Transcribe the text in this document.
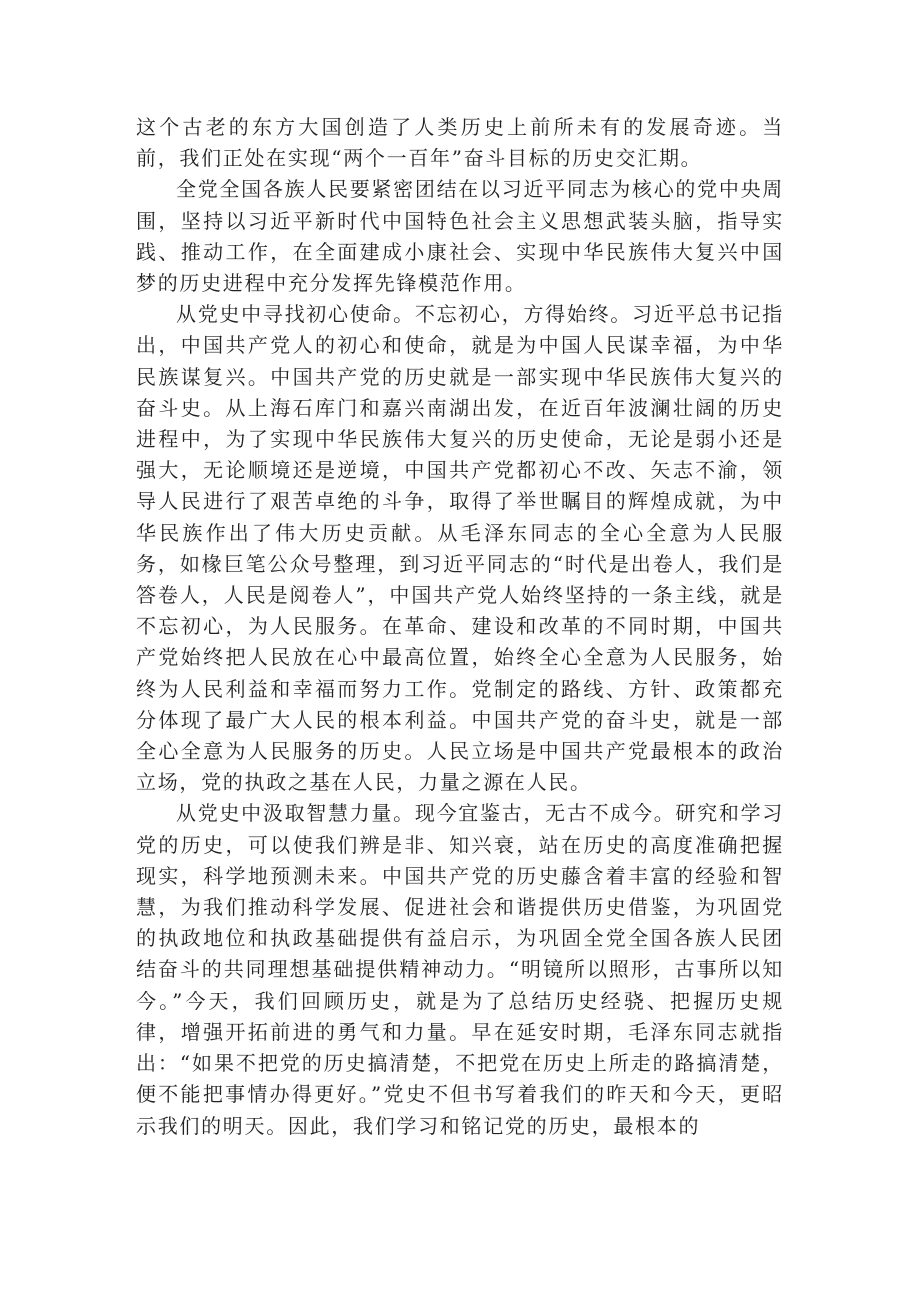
这个古老的东方大国创造了人类历史上前所未有的发展奇迹。当前，我们正处在实现“两个一百年”奋斗目标的历史交汇期。

全党全国各族人民要紧密团结在以习近平同志为核心的党中央周围，坚持以习近平新时代中国特色社会主义思想武装头脑，指导实践、推动工作，在全面建成小康社会、实现中华民族伟大复兴中国梦的历史进程中充分发挥先锋模范作用。

从党史中寻找初心使命。不忘初心，方得始终。习近平总书记指出，中国共产党人的初心和使命，就是为中国人民谋幸福，为中华民族谋复兴。中国共产党的历史就是一部实现中华民族伟大复兴的奋斗史。从上海石库门和嘉兴南湖出发，在近百年波澜壮阔的历史进程中，为了实现中华民族伟大复兴的历史使命，无论是弱小还是强大，无论顺境还是逆境，中国共产党都初心不改、矢志不渝，领导人民进行了艰苦卓绝的斗争，取得了举世瞩目的辉煌成就，为中华民族作出了伟大历史贡献。从毛泽东同志的全心全意为人民服务，如椽巨笔公众号整理，到习近平同志的“时代是出卷人，我们是答卷人，人民是阅卷人”，中国共产党人始终坚持的一条主线，就是不忘初心，为人民服务。在革命、建设和改革的不同时期，中国共产党始终把人民放在心中最高位置，始终全心全意为人民服务，始终为人民利益和幸福而努力工作。党制定的路线、方针、政策都充分体现了最广大人民的根本利益。中国共产党的奋斗史，就是一部全心全意为人民服务的历史。人民立场是中国共产党最根本的政治立场，党的执政之基在人民，力量之源在人民。

从党史中汲取智慧力量。现今宜鉴古，无古不成今。研究和学习党的历史，可以使我们辨是非、知兴衰，站在历史的高度准确把握现实，科学地预测未来。中国共产党的历史藤含着丰富的经验和智慧，为我们推动科学发展、促进社会和谐提供历史借鉴，为巩固党的执政地位和执政基础提供有益启示，为巩固全党全国各族人民团结奋斗的共同理想基础提供精神动力。“明镜所以照形，古事所以知今。”今天，我们回顾历史，就是为了总结历史经骁、把握历史规律，增强开拓前进的勇气和力量。早在延安时期，毛泽东同志就指出：“如果不把党的历史搞清楚，不把党在历史上所走的路搞清楚，便不能把事情办得更好。”党史不但书写着我们的昨天和今天，更昭示我们的明天。因此，我们学习和铭记党的历史，最根本的
